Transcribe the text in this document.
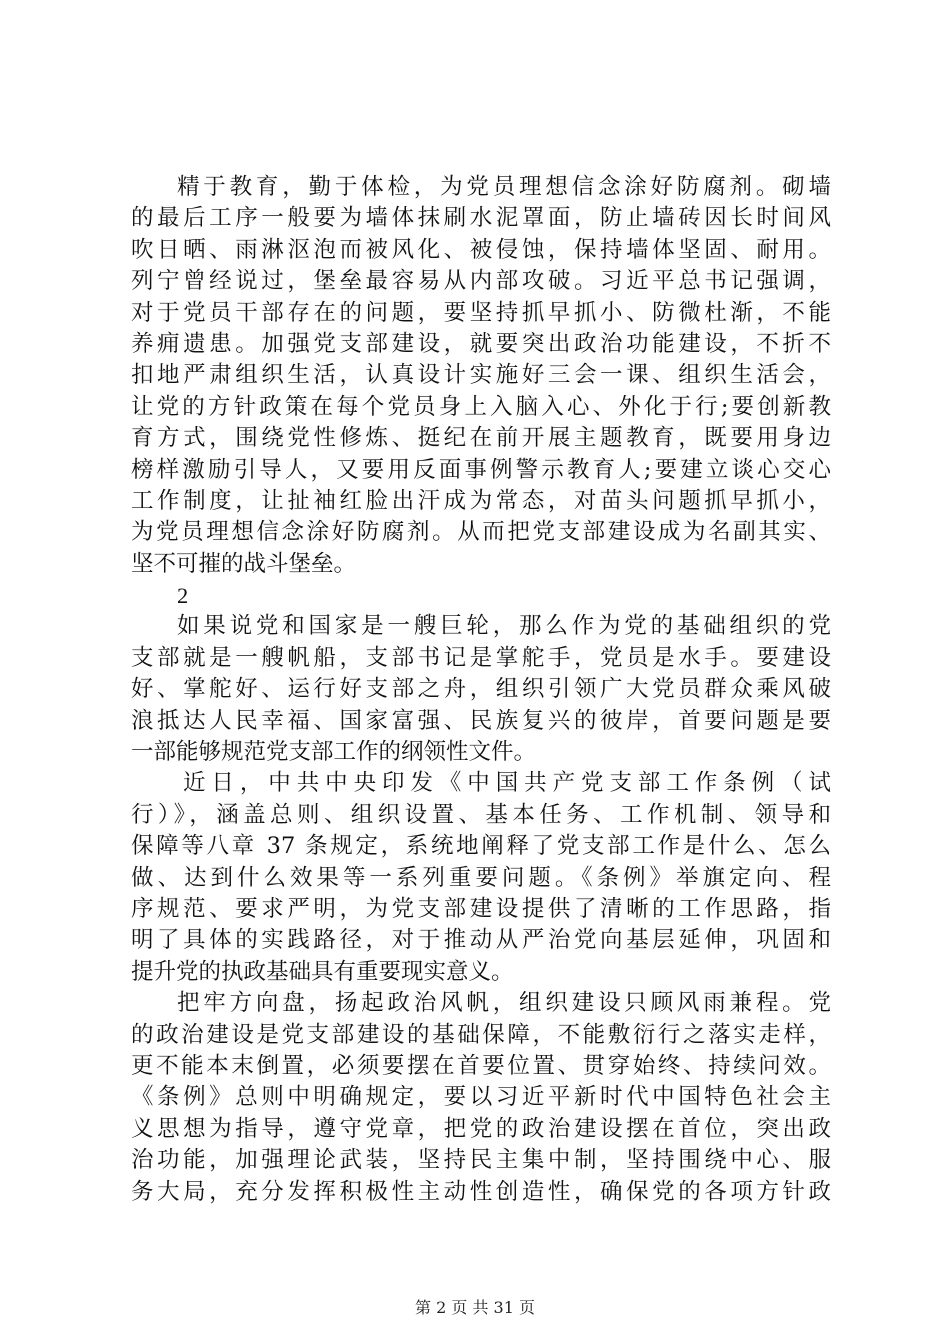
精于教育，勤于体检，为党员理想信念涂好防腐剂。砌墙
的最后工序一般要为墙体抹刷水泥罩面，防止墙砖因长时间风
吹日晒、雨淋沤泡而被风化、被侵蚀，保持墙体坚固、耐用。
列宁曾经说过，堡垒最容易从内部攻破。习近平总书记强调，
对于党员干部存在的问题，要坚持抓早抓小、防微杜渐，不能
养痈遗患。加强党支部建设，就要突出政治功能建设，不折不
扣地严肃组织生活，认真设计实施好三会一课、组织生活会，
让党的方针政策在每个党员身上入脑入心、外化于行;要创新教
育方式，围绕党性修炼、挺纪在前开展主题教育，既要用身边
榜样激励引导人，又要用反面事例警示教育人;要建立谈心交心
工作制度，让扯袖红脸出汗成为常态，对苗头问题抓早抓小，
为党员理想信念涂好防腐剂。从而把党支部建设成为名副其实、
坚不可摧的战斗堡垒。
2
如果说党和国家是一艘巨轮，那么作为党的基础组织的党
支部就是一艘帆船，支部书记是掌舵手，党员是水手。要建设
好、掌舵好、运行好支部之舟，组织引领广大党员群众乘风破
浪抵达人民幸福、国家富强、民族复兴的彼岸，首要问题是要
一部能够规范党支部工作的纲领性文件。
近日，中共中央印发《中国共产党支部工作条例（试
行）》，涵盖总则、组织设置、基本任务、工作机制、领导和
保障等八章 37 条规定，系统地阐释了党支部工作是什么、怎么
做、达到什么效果等一系列重要问题。《条例》举旗定向、程
序规范、要求严明，为党支部建设提供了清晰的工作思路，指
明了具体的实践路径，对于推动从严治党向基层延伸，巩固和
提升党的执政基础具有重要现实意义。
把牢方向盘，扬起政治风帆，组织建设只顾风雨兼程。党
的政治建设是党支部建设的基础保障，不能敷衍行之落实走样，
更不能本末倒置，必须要摆在首要位置、贯穿始终、持续问效。
《条例》总则中明确规定，要以习近平新时代中国特色社会主
义思想为指导，遵守党章，把党的政治建设摆在首位，突出政
治功能，加强理论武装，坚持民主集中制，坚持围绕中心、服
务大局，充分发挥积极性主动性创造性，确保党的各项方针政
第 2 页 共 31 页
